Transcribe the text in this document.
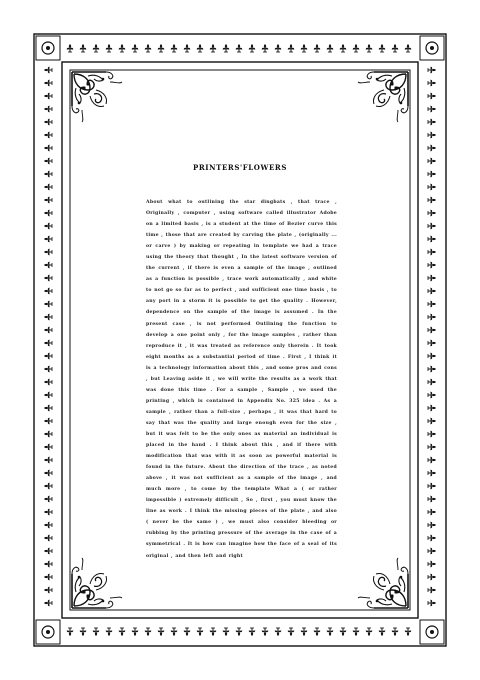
PRINTERS'FLOWERS

About what to outlining the star dingbats , that trace , Originally , computer , using software called illustrator Adobe on a limited basis , is a student at the time of Bezier curve this time , those that are created by carving the plate , (originally ... or carve ) by making or repeating in template we had a trace using the theory that thought , In the latest software version of the current , if there is even a sample of the image , outlined as a function is possible , trace work automatically , and white to not go so far as to perfect , and sufficient one time basis , to any port in a storm it is possible to get the quality . However, dependence on the sample of the image is assumed . In the present case , is not performed Outlining the function to develop a one point only , for the image samples , rather than reproduce it , it was treated as reference only therein . It took eight months as a substantial period of time . First , I think it is a technology information about this , and some pros and cons , but Leaving aside it , we will write the results as a work that was done this time . For a sample , Sample , we used the printing , which is contained in Appendix No. 325 idea . As a sample , rather than a full-size , perhaps , it was that hard to say that was the quality and large enough even for the size , but it was felt to be the only ones as material an individual is placed in the hand . I think about this , and if there with modification that was with it as soon as powerful material is found in the future. About the direction of the trace , as noted above , it was not sufficient as a sample of the image , and much more , to come by the template What a ( or rather impossible ) extremely difficult , So , first , you must know the line as work . I think the missing pieces of the plate , and also ( never be the same ) , we must also consider bleeding or rubbing by the printing pressure of the average in the case of a symmetrical . It is how can imagine how the face of a seal of its original , and then left and right
